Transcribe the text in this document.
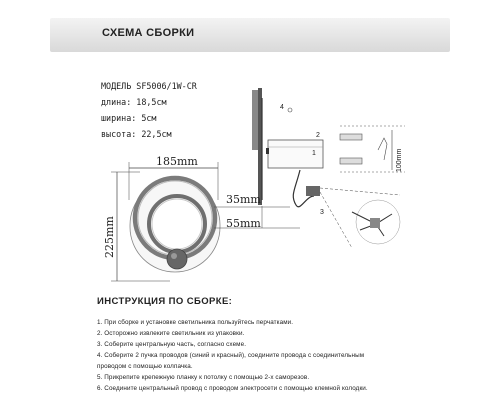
СХЕМА СБОРКИ
МОДЕЛЬ SF5006/1W-CR
длина: 18,5см
ширина: 5см
высота: 22,5см
185mm
225mm
35mm
55mm
100mm
4
2
1
3
ИНСТРУКЦИЯ ПО СБОРКЕ:
1. При сборке и установке светильника пользуйтесь перчатками.
2. Осторожно извлеките светильник из упаковки.
3. Соберите центральную часть, согласно схеме.
4. Соберите 2 пучка проводов (синий и красный), соедините провода с соединительным
проводом с помощью колпачка.
5. Прикрепите крепежную планку к потолку с помощью 2-х саморезов.
6. Соедините центральный провод с проводом электросети с помощью клемной колодки.
